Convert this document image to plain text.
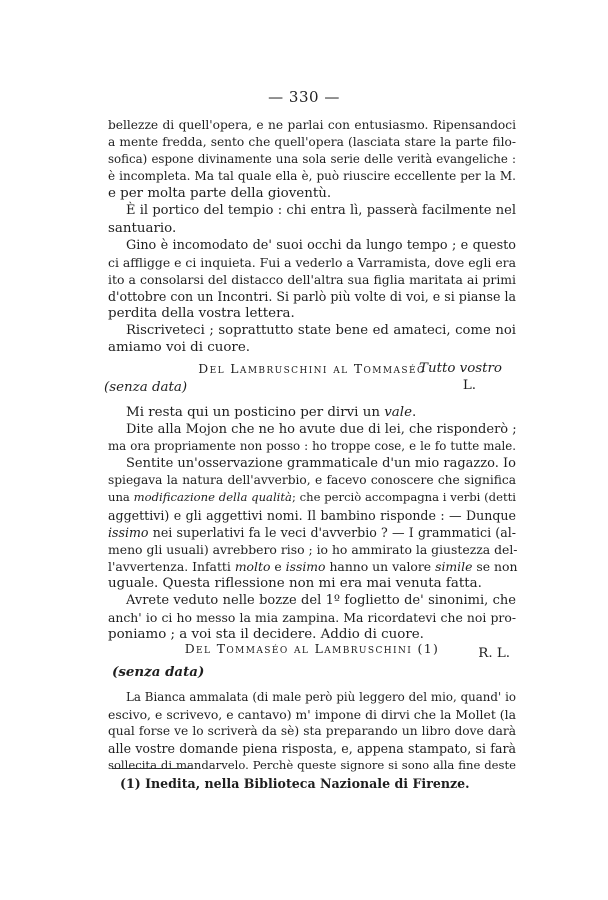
— 330 —
bellezze di quell'opera, e ne parlai con entusiasmo. Ripensandoci
a mente fredda, sento che quell'opera (lasciata stare la parte filo-
sofica) espone divinamente una sola serie delle verità evangeliche :
è incompleta. Ma tal quale ella è, può riuscire eccellente per la M.
e per molta parte della gioventù.
È il portico del tempio : chi entra lì, passerà facilmente nel
santuario.
Gino è incomodato de' suoi occhi da lungo tempo ; e questo
ci affligge e ci inquieta. Fui a vederlo a Varramista, dove egli era
ito a consolarsi del distacco dell'altra sua figlia maritata ai primi
d'ottobre con un Incontri. Si parlò più volte di voi, e si pianse la
perdita della vostra lettera.
Riscriveteci ; soprattutto state bene ed amateci, come noi
amiamo voi di cuore.
Tutto vostro
L.
Del Lambruschini al Tommaséo
(senza data)
Mi resta qui un posticino per dirvi un vale.
Dite alla Mojon che ne ho avute due di lei, che risponderò ;
ma ora propriamente non posso : ho troppe cose, e le fo tutte male.
Sentite un'osservazione grammaticale d'un mio ragazzo. Io
spiegava la natura dell'avverbio, e facevo conoscere che significa
una modificazione della qualità; che perciò accompagna i verbi (detti
aggettivi) e gli aggettivi nomi. Il bambino risponde : — Dunque
issimo nei superlativi fa le veci d'avverbio ? — I grammatici (al-
meno gli usuali) avrebbero riso ; io ho ammirato la giustezza del-
l'avvertenza. Infatti molto e issimo hanno un valore simile se non
uguale. Questa riflessione non mi era mai venuta fatta.
Avrete veduto nelle bozze del 1º foglietto de' sinonimi, che
anch' io ci ho messo la mia zampina. Ma ricordatevi che noi pro-
poniamo ; a voi sta il decidere. Addio di cuore.
R. L.
Del Tommaséo al Lambruschini (1)
(senza data)
La Bianca ammalata (di male però più leggero del mio, quand' io
escivo, e scrivevo, e cantavo) m' impone di dirvi che la Mollet (la
qual forse ve lo scriverà da sè) sta preparando un libro dove darà
alle vostre domande piena risposta, e, appena stampato, si farà
sollecita di mandarvelo. Perchè queste signore si sono alla fine deste
(1) Inedita, nella Biblioteca Nazionale di Firenze.
